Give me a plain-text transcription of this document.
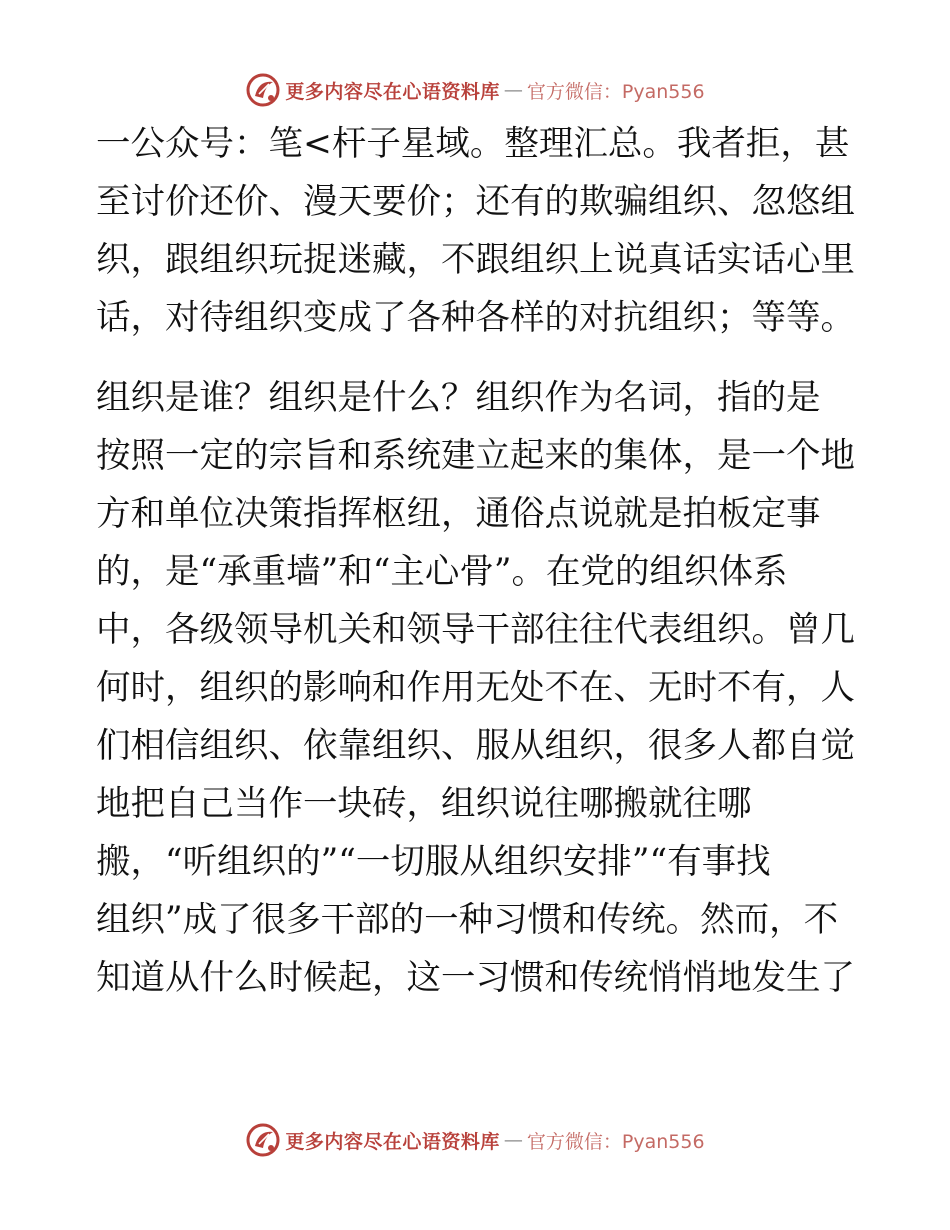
更多内容尽在心语资料库 — 官方微信：Pyan556
一公众号：笔<杆子星域。整理汇总。我者拒，甚
至讨价还价、漫天要价；还有的欺骗组织、忽悠组
织，跟组织玩捉迷藏，不跟组织上说真话实话心里
话，对待组织变成了各种各样的对抗组织；等等。
组织是谁？组织是什么？组织作为名词，指的是
按照一定的宗旨和系统建立起来的集体，是一个地
方和单位决策指挥枢纽，通俗点说就是拍板定事
的，是“承重墙”和“主心骨”。在党的组织体系
中，各级领导机关和领导干部往往代表组织。曾几
何时，组织的影响和作用无处不在、无时不有，人
们相信组织、依靠组织、服从组织，很多人都自觉
地把自己当作一块砖，组织说往哪搬就往哪
搬，“听组织的”“一切服从组织安排”“有事找
组织”成了很多干部的一种习惯和传统。然而，不
知道从什么时候起，这一习惯和传统悄悄地发生了
更多内容尽在心语资料库 — 官方微信：Pyan556
